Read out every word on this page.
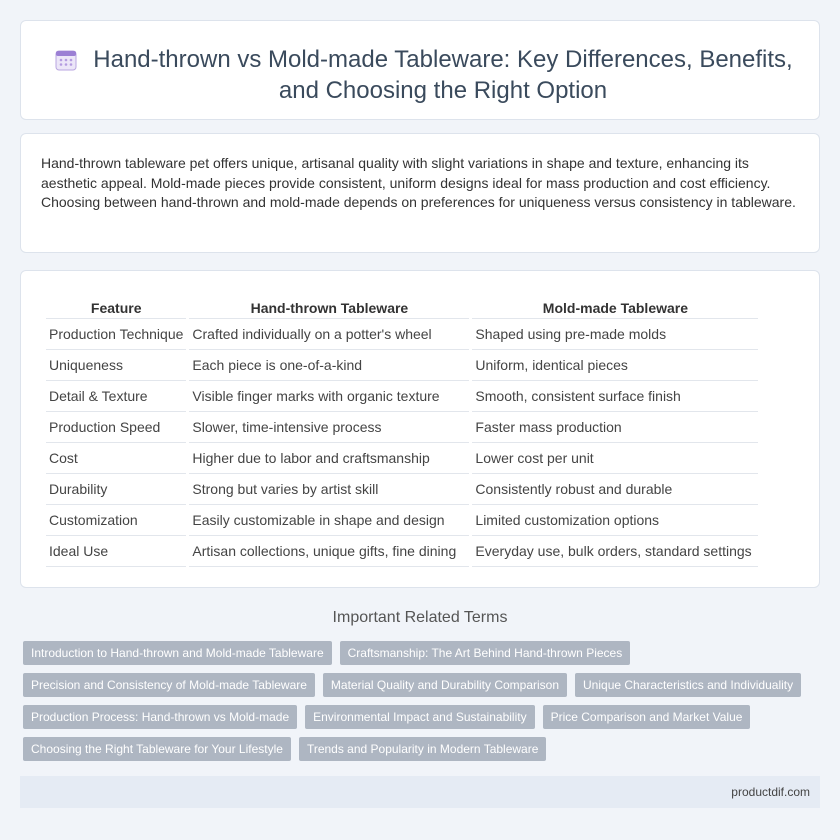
Hand-thrown vs Mold-made Tableware: Key Differences, Benefits, and Choosing the Right Option

Hand-thrown tableware pet offers unique, artisanal quality with slight variations in shape and texture, enhancing its aesthetic appeal. Mold-made pieces provide consistent, uniform designs ideal for mass production and cost efficiency. Choosing between hand-thrown and mold-made depends on preferences for uniqueness versus consistency in tableware.

Feature	Hand-thrown Tableware	Mold-made Tableware
Production Technique	Crafted individually on a potter's wheel	Shaped using pre-made molds
Uniqueness	Each piece is one-of-a-kind	Uniform, identical pieces
Detail & Texture	Visible finger marks with organic texture	Smooth, consistent surface finish
Production Speed	Slower, time-intensive process	Faster mass production
Cost	Higher due to labor and craftsmanship	Lower cost per unit
Durability	Strong but varies by artist skill	Consistently robust and durable
Customization	Easily customizable in shape and design	Limited customization options
Ideal Use	Artisan collections, unique gifts, fine dining	Everyday use, bulk orders, standard settings
Important Related Terms
Introduction to Hand-thrown and Mold-made Tableware	Craftsmanship: The Art Behind Hand-thrown Pieces
Precision and Consistency of Mold-made Tableware	Material Quality and Durability Comparison	Unique Characteristics and Individuality
Production Process: Hand-thrown vs Mold-made	Environmental Impact and Sustainability	Price Comparison and Market Value
Choosing the Right Tableware for Your Lifestyle	Trends and Popularity in Modern Tableware
productdif.com
